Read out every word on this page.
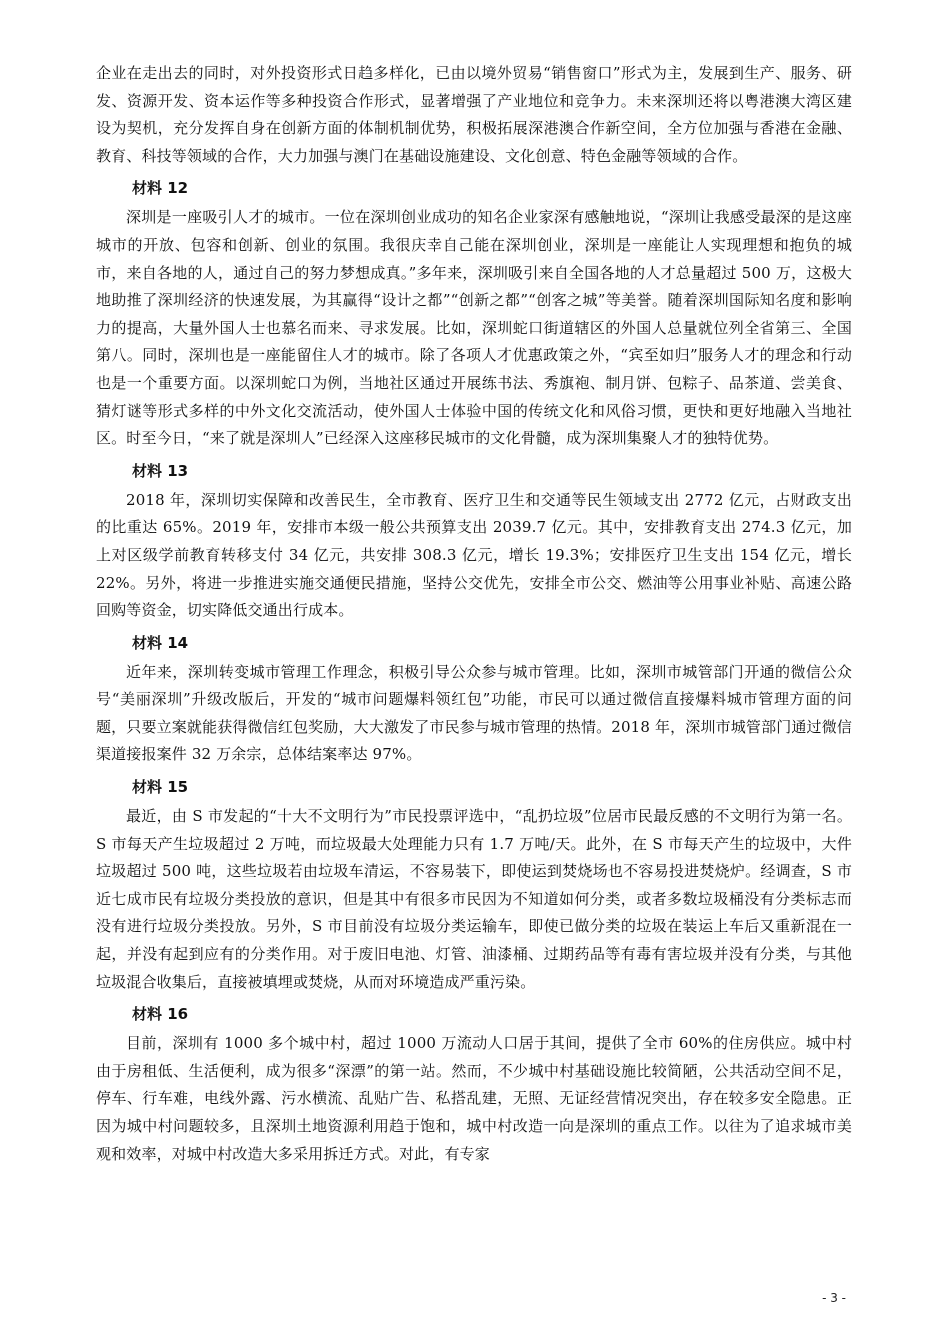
企业在走出去的同时，对外投资形式日趋多样化，已由以境外贸易“销售窗口”形式为主，发展到生产、服务、研发、资源开发、资本运作等多种投资合作形式，显著增强了产业地位和竞争力。未来深圳还将以粤港澳大湾区建设为契机，充分发挥自身在创新方面的体制机制优势，积极拓展深港澳合作新空间，全方位加强与香港在金融、教育、科技等领域的合作，大力加强与澳门在基础设施建设、文化创意、特色金融等领域的合作。

材料 12

深圳是一座吸引人才的城市。一位在深圳创业成功的知名企业家深有感触地说，“深圳让我感受最深的是这座城市的开放、包容和创新、创业的氛围。我很庆幸自己能在深圳创业，深圳是一座能让人实现理想和抱负的城市，来自各地的人，通过自己的努力梦想成真。”多年来，深圳吸引来自全国各地的人才总量超过 500 万，这极大地助推了深圳经济的快速发展，为其赢得“设计之都”“创新之都”“创客之城”等美誉。随着深圳国际知名度和影响力的提高，大量外国人士也慕名而来、寻求发展。比如，深圳蛇口街道辖区的外国人总量就位列全省第三、全国第八。同时，深圳也是一座能留住人才的城市。除了各项人才优惠政策之外，“宾至如归”服务人才的理念和行动也是一个重要方面。以深圳蛇口为例，当地社区通过开展练书法、秀旗袍、制月饼、包粽子、品茶道、尝美食、猜灯谜等形式多样的中外文化交流活动，使外国人士体验中国的传统文化和风俗习惯，更快和更好地融入当地社区。时至今日，“来了就是深圳人”已经深入这座移民城市的文化骨髓，成为深圳集聚人才的独特优势。

材料 13

2018 年，深圳切实保障和改善民生，全市教育、医疗卫生和交通等民生领域支出 2772 亿元，占财政支出的比重达 65%。2019 年，安排市本级一般公共预算支出 2039.7 亿元。其中，安排教育支出 274.3 亿元，加上对区级学前教育转移支付 34 亿元，共安排 308.3 亿元，增长 19.3%；安排医疗卫生支出 154 亿元，增长 22%。另外，将进一步推进实施交通便民措施，坚持公交优先，安排全市公交、燃油等公用事业补贴、高速公路回购等资金，切实降低交通出行成本。

材料 14

近年来，深圳转变城市管理工作理念，积极引导公众参与城市管理。比如，深圳市城管部门开通的微信公众号“美丽深圳”升级改版后，开发的“城市问题爆料领红包”功能，市民可以通过微信直接爆料城市管理方面的问题，只要立案就能获得微信红包奖励，大大激发了市民参与城市管理的热情。2018 年，深圳市城管部门通过微信渠道接报案件 32 万余宗，总体结案率达 97%。

材料 15

最近，由 S 市发起的“十大不文明行为”市民投票评选中，“乱扔垃圾”位居市民最反感的不文明行为第一名。S 市每天产生垃圾超过 2 万吨，而垃圾最大处理能力只有 1.7 万吨/天。此外，在 S 市每天产生的垃圾中，大件垃圾超过 500 吨，这些垃圾若由垃圾车清运，不容易装下，即使运到焚烧场也不容易投进焚烧炉。经调查，S 市近七成市民有垃圾分类投放的意识，但是其中有很多市民因为不知道如何分类，或者多数垃圾桶没有分类标志而没有进行垃圾分类投放。另外，S 市目前没有垃圾分类运输车，即使已做分类的垃圾在装运上车后又重新混在一起，并没有起到应有的分类作用。对于废旧电池、灯管、油漆桶、过期药品等有毒有害垃圾并没有分类，与其他垃圾混合收集后，直接被填埋或焚烧，从而对环境造成严重污染。

材料 16

目前，深圳有 1000 多个城中村，超过 1000 万流动人口居于其间，提供了全市 60%的住房供应。城中村由于房租低、生活便利，成为很多“深漂”的第一站。然而，不少城中村基础设施比较简陋，公共活动空间不足，停车、行车难，电线外露、污水横流、乱贴广告、私搭乱建，无照、无证经营情况突出，存在较多安全隐患。正因为城中村问题较多，且深圳土地资源利用趋于饱和，城中村改造一向是深圳的重点工作。以往为了追求城市美观和效率，对城中村改造大多采用拆迁方式。对此，有专家

- 3 -
